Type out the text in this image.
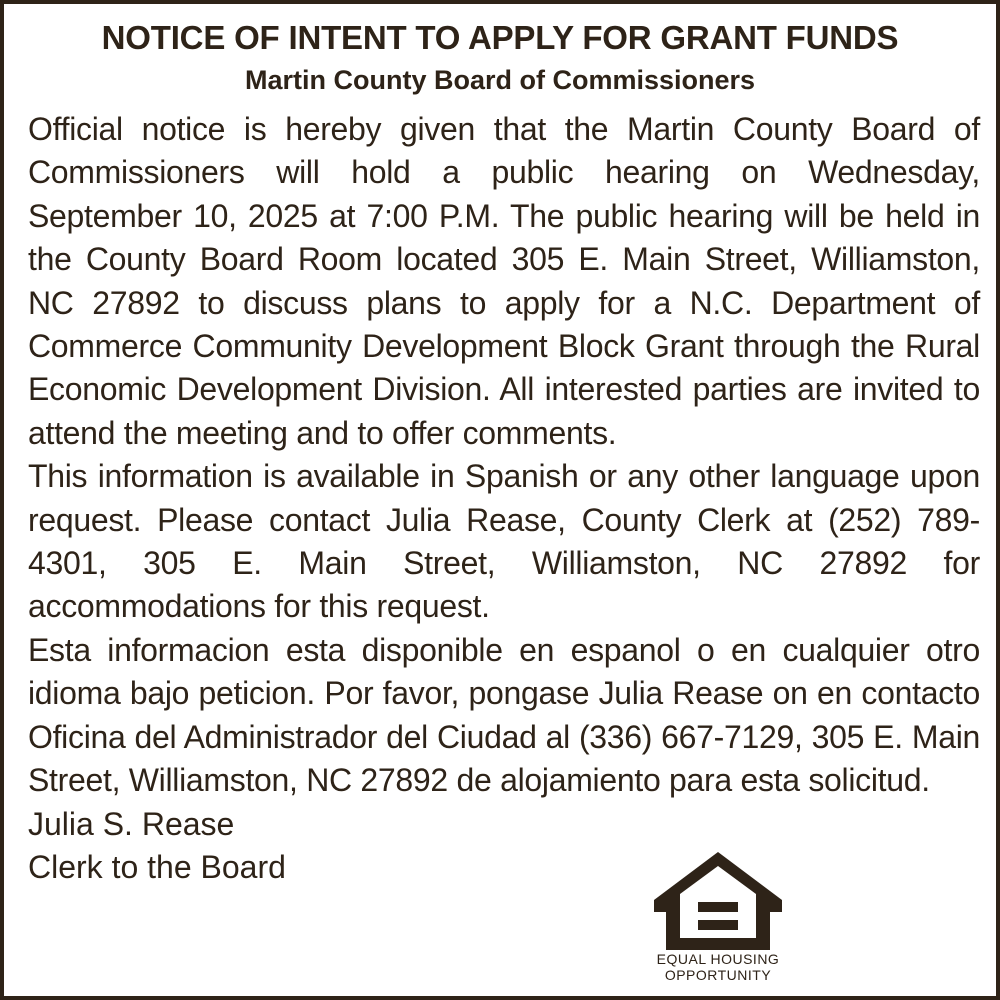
NOTICE OF INTENT TO APPLY FOR GRANT FUNDS
Martin County Board of Commissioners

Official notice is hereby given that the Martin County Board of Commissioners will hold a public hearing on Wednesday, September 10, 2025 at 7:00 P.M. The public hearing will be held in the County Board Room located 305 E. Main Street, Williamston, NC 27892 to discuss plans to apply for a N.C. Department of Commerce Community Development Block Grant through the Rural Economic Development Division. All interested parties are invited to attend the meeting and to offer comments.

This information is available in Spanish or any other language upon request. Please contact Julia Rease, County Clerk at (252) 789-4301, 305 E. Main Street, Williamston, NC 27892 for accommodations for this request.

Esta informacion esta disponible en espanol o en cualquier otro idioma bajo peticion. Por favor, pongase Julia Rease on en contacto Oficina del Administrador del Ciudad al (336) 667-7129, 305 E. Main Street, Williamston, NC 27892 de alojamiento para esta solicitud.

Julia S. Rease

Clerk to the Board

EQUAL HOUSING
OPPORTUNITY
